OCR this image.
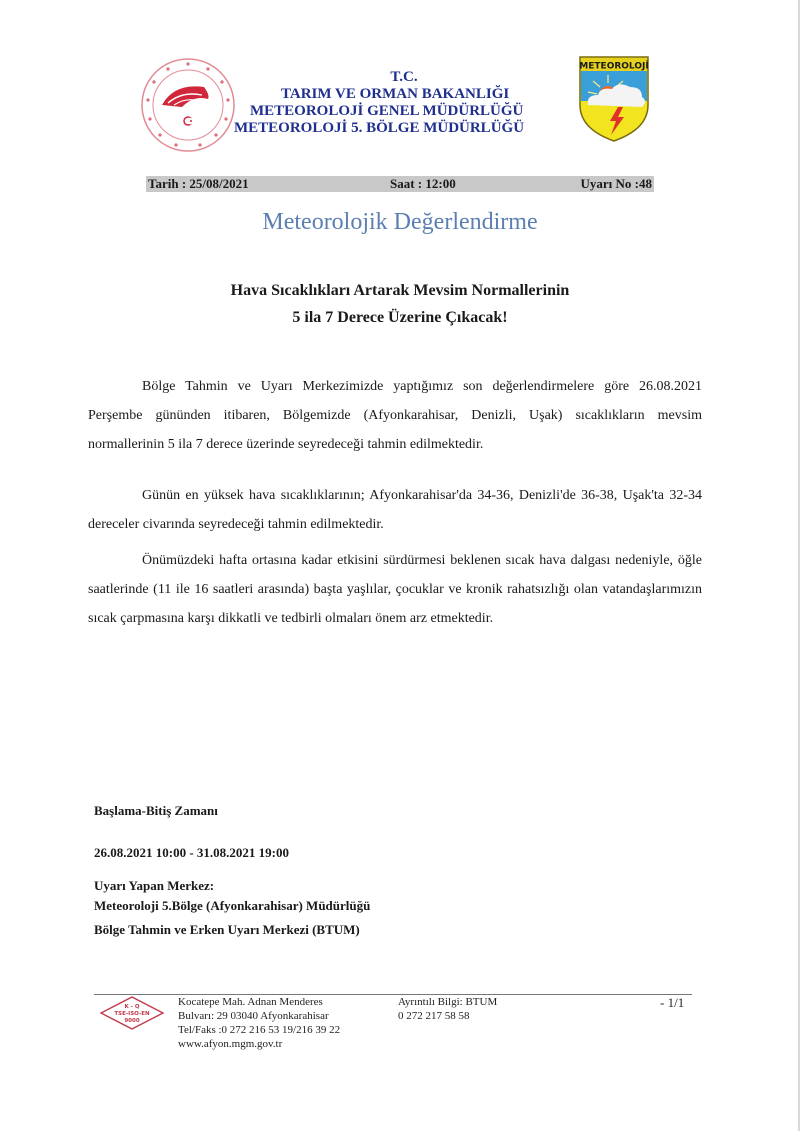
T.C.
TARIM VE ORMAN BAKANLIĞI
METEOROLOJİ GENEL MÜDÜRLÜĞÜ
METEOROLOJİ 5. BÖLGE MÜDÜRLÜĞÜ
METEOROLOJİ
Tarih : 25/08/2021	Saat : 12:00	Uyarı No :48
Meteorolojik Değerlendirme
Hava Sıcaklıkları Artarak Mevsim Normallerinin
5 ila 7 Derece Üzerine Çıkacak!
Bölge Tahmin ve Uyarı Merkezimizde yaptığımız son değerlendirmelere göre 26.08.2021 Perşembe gününden itibaren, Bölgemizde (Afyonkarahisar, Denizli, Uşak) sıcaklıkların mevsim normallerinin 5 ila 7 derece üzerinde seyredeceği tahmin edilmektedir.
Günün en yüksek hava sıcaklıklarının; Afyonkarahisar'da 34-36, Denizli'de 36-38, Uşak'ta 32-34 dereceler civarında seyredeceği tahmin edilmektedir.
Önümüzdeki hafta ortasına kadar etkisini sürdürmesi beklenen sıcak hava dalgası nedeniyle, öğle saatlerinde (11 ile 16 saatleri arasında) başta yaşlılar, çocuklar ve kronik rahatsızlığı olan vatandaşlarımızın sıcak çarpmasına karşı dikkatli ve tedbirli olmaları önem arz etmektedir.
Başlama-Bitiş Zamanı
26.08.2021 10:00 - 31.08.2021 19:00
Uyarı Yapan Merkez:
Meteoroloji 5.Bölge (Afyonkarahisar) Müdürlüğü
Bölge Tahmin ve Erken Uyarı Merkezi (BTUM)
K - Q
TSE-ISO-EN
9000
Kocatepe Mah. Adnan Menderes
Bulvarı: 29 03040 Afyonkarahisar
Tel/Faks :0 272 216 53 19/216 39 22
www.afyon.mgm.gov.tr
Ayrıntılı Bilgi: BTUM
0 272 217 58 58
- 1/1
